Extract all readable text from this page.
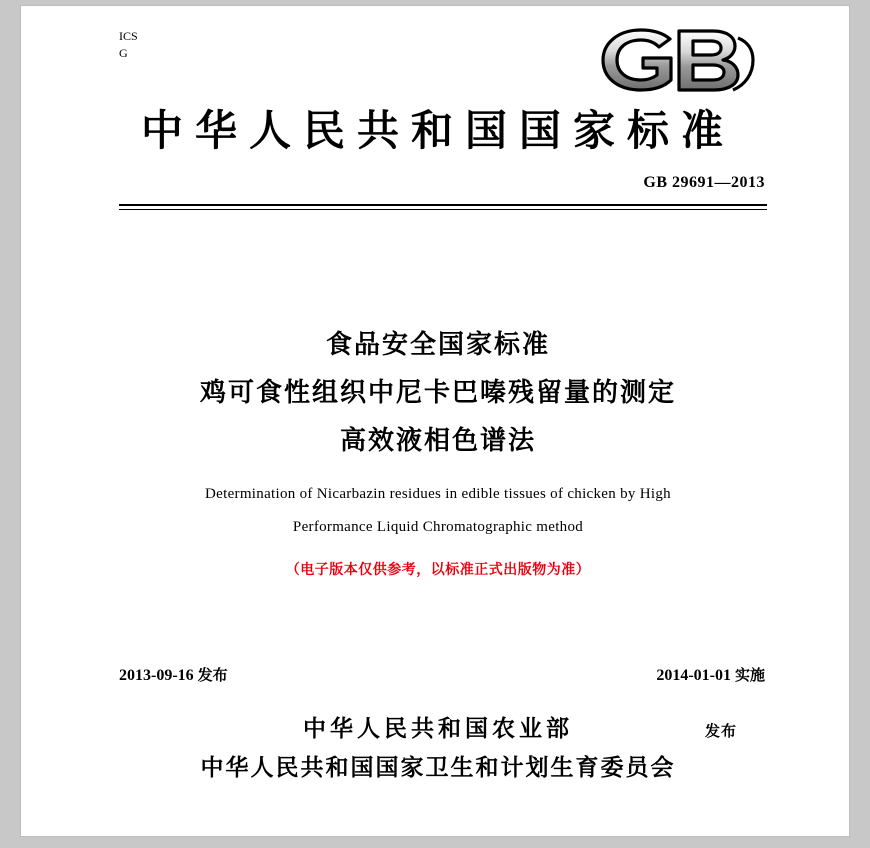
ICS
G
中华人民共和国国家标准
GB 29691—2013
食品安全国家标准
鸡可食性组织中尼卡巴嗪残留量的测定
高效液相色谱法
Determination of Nicarbazin residues in edible tissues of chicken by High
Performance Liquid Chromatographic method
（电子版本仅供参考，以标准正式出版物为准）
2013-09-16 发布	2014-01-01 实施
中华人民共和国农业部
中华人民共和国国家卫生和计划生育委员会
发布
